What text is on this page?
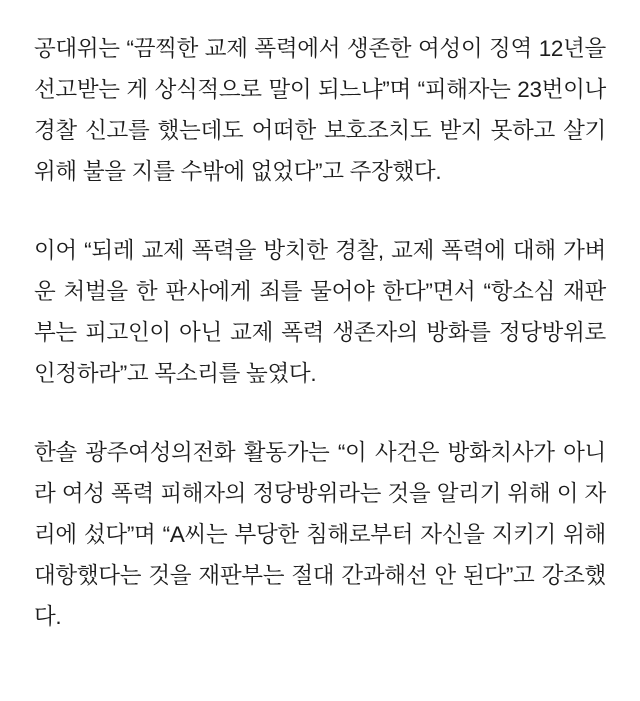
공대위는 “끔찍한 교제 폭력에서 생존한 여성이 징역 12년을 선고받는 게 상식적으로 말이 되느냐”며 “피해자는 23번이나 경찰 신고를 했는데도 어떠한 보호조치도 받지 못하고 살기 위해 불을 지를 수밖에 없었다”고 주장했다.

이어 “되레 교제 폭력을 방치한 경찰, 교제 폭력에 대해 가벼운 처벌을 한 판사에게 죄를 물어야 한다”면서 “항소심 재판부는 피고인이 아닌 교제 폭력 생존자의 방화를 정당방위로 인정하라”고 목소리를 높였다.

한솔 광주여성의전화 활동가는 “이 사건은 방화치사가 아니라 여성 폭력 피해자의 정당방위라는 것을 알리기 위해 이 자리에 섰다”며 “A씨는 부당한 침해로부터 자신을 지키기 위해 대항했다는 것을 재판부는 절대 간과해선 안 된다”고 강조했다.
